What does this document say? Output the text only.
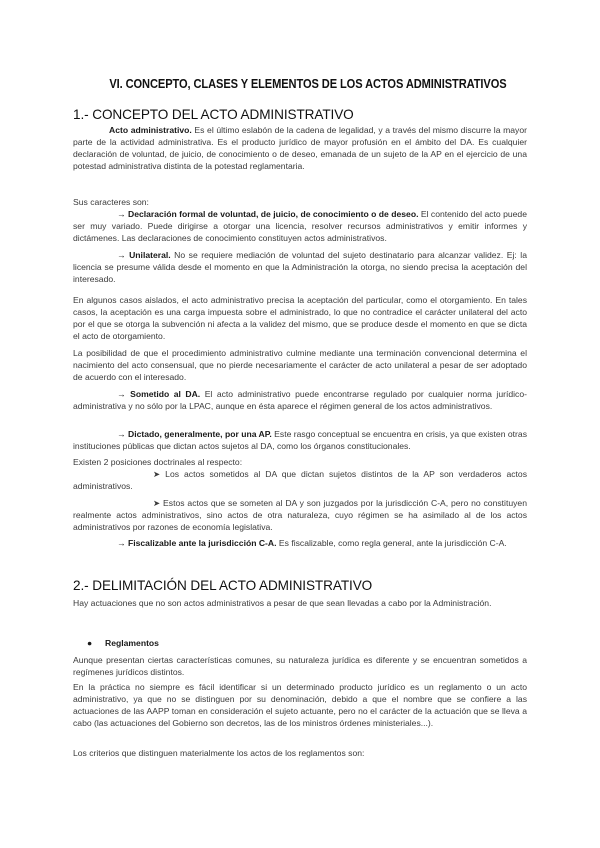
VI. CONCEPTO, CLASES Y ELEMENTOS DE LOS ACTOS ADMINISTRATIVOS
1.- CONCEPTO DEL ACTO ADMINISTRATIVO

Acto administrativo. Es el último eslabón de la cadena de legalidad, y a través del mismo discurre la mayor parte de la actividad administrativa. Es el producto jurídico de mayor profusión en el ámbito del DA. Es cualquier declaración de voluntad, de juicio, de conocimiento o de deseo, emanada de un sujeto de la AP en el ejercicio de una potestad administrativa distinta de la potestad reglamentaria.

Sus caracteres son:

→ Declaración formal de voluntad, de juicio, de conocimiento o de deseo. El contenido del acto puede ser muy variado. Puede dirigirse a otorgar una licencia, resolver recursos administrativos y emitir informes y dictámenes. Las declaraciones de conocimiento constituyen actos administrativos.

→ Unilateral. No se requiere mediación de voluntad del sujeto destinatario para alcanzar validez. Ej: la licencia se presume válida desde el momento en que la Administración la otorga, no siendo precisa la aceptación del interesado.

En algunos casos aislados, el acto administrativo precisa la aceptación del particular, como el otorgamiento. En tales casos, la aceptación es una carga impuesta sobre el administrado, lo que no contradice el carácter unilateral del acto por el que se otorga la subvención ni afecta a la validez del mismo, que se produce desde el momento en que se dicta el acto de otorgamiento.

La posibilidad de que el procedimiento administrativo culmine mediante una terminación convencional determina el nacimiento del acto consensual, que no pierde necesariamente el carácter de acto unilateral a pesar de ser adoptado de acuerdo con el interesado.

→ Sometido al DA. El acto administrativo puede encontrarse regulado por cualquier norma jurídico-administrativa y no sólo por la LPAC, aunque en ésta aparece el régimen general de los actos administrativos.

→ Dictado, generalmente, por una AP. Este rasgo conceptual se encuentra en crisis, ya que existen otras instituciones públicas que dictan actos sujetos al DA, como los órganos constitucionales.

Existen 2 posiciones doctrinales al respecto:

➤ Los actos sometidos al DA que dictan sujetos distintos de la AP son verdaderos actos administrativos.

➤ Estos actos que se someten al DA y son juzgados por la jurisdicción C-A, pero no constituyen realmente actos administrativos, sino actos de otra naturaleza, cuyo régimen se ha asimilado al de los actos administrativos por razones de economía legislativa.

→ Fiscalizable ante la jurisdicción C-A. Es fiscalizable, como regla general, ante la jurisdicción C-A.

2.- DELIMITACIÓN DEL ACTO ADMINISTRATIVO

Hay actuaciones que no son actos administrativos a pesar de que sean llevadas a cabo por la Administración.

● Reglamentos

Aunque presentan ciertas características comunes, su naturaleza jurídica es diferente y se encuentran sometidos a regímenes jurídicos distintos.

En la práctica no siempre es fácil identificar si un determinado producto jurídico es un reglamento o un acto administrativo, ya que no se distinguen por su denominación, debido a que el nombre que se confiere a las actuaciones de las AAPP toman en consideración el sujeto actuante, pero no el carácter de la actuación que se lleva a cabo (las actuaciones del Gobierno son decretos, las de los ministros órdenes ministeriales...).

Los criterios que distinguen materialmente los actos de los reglamentos son:
